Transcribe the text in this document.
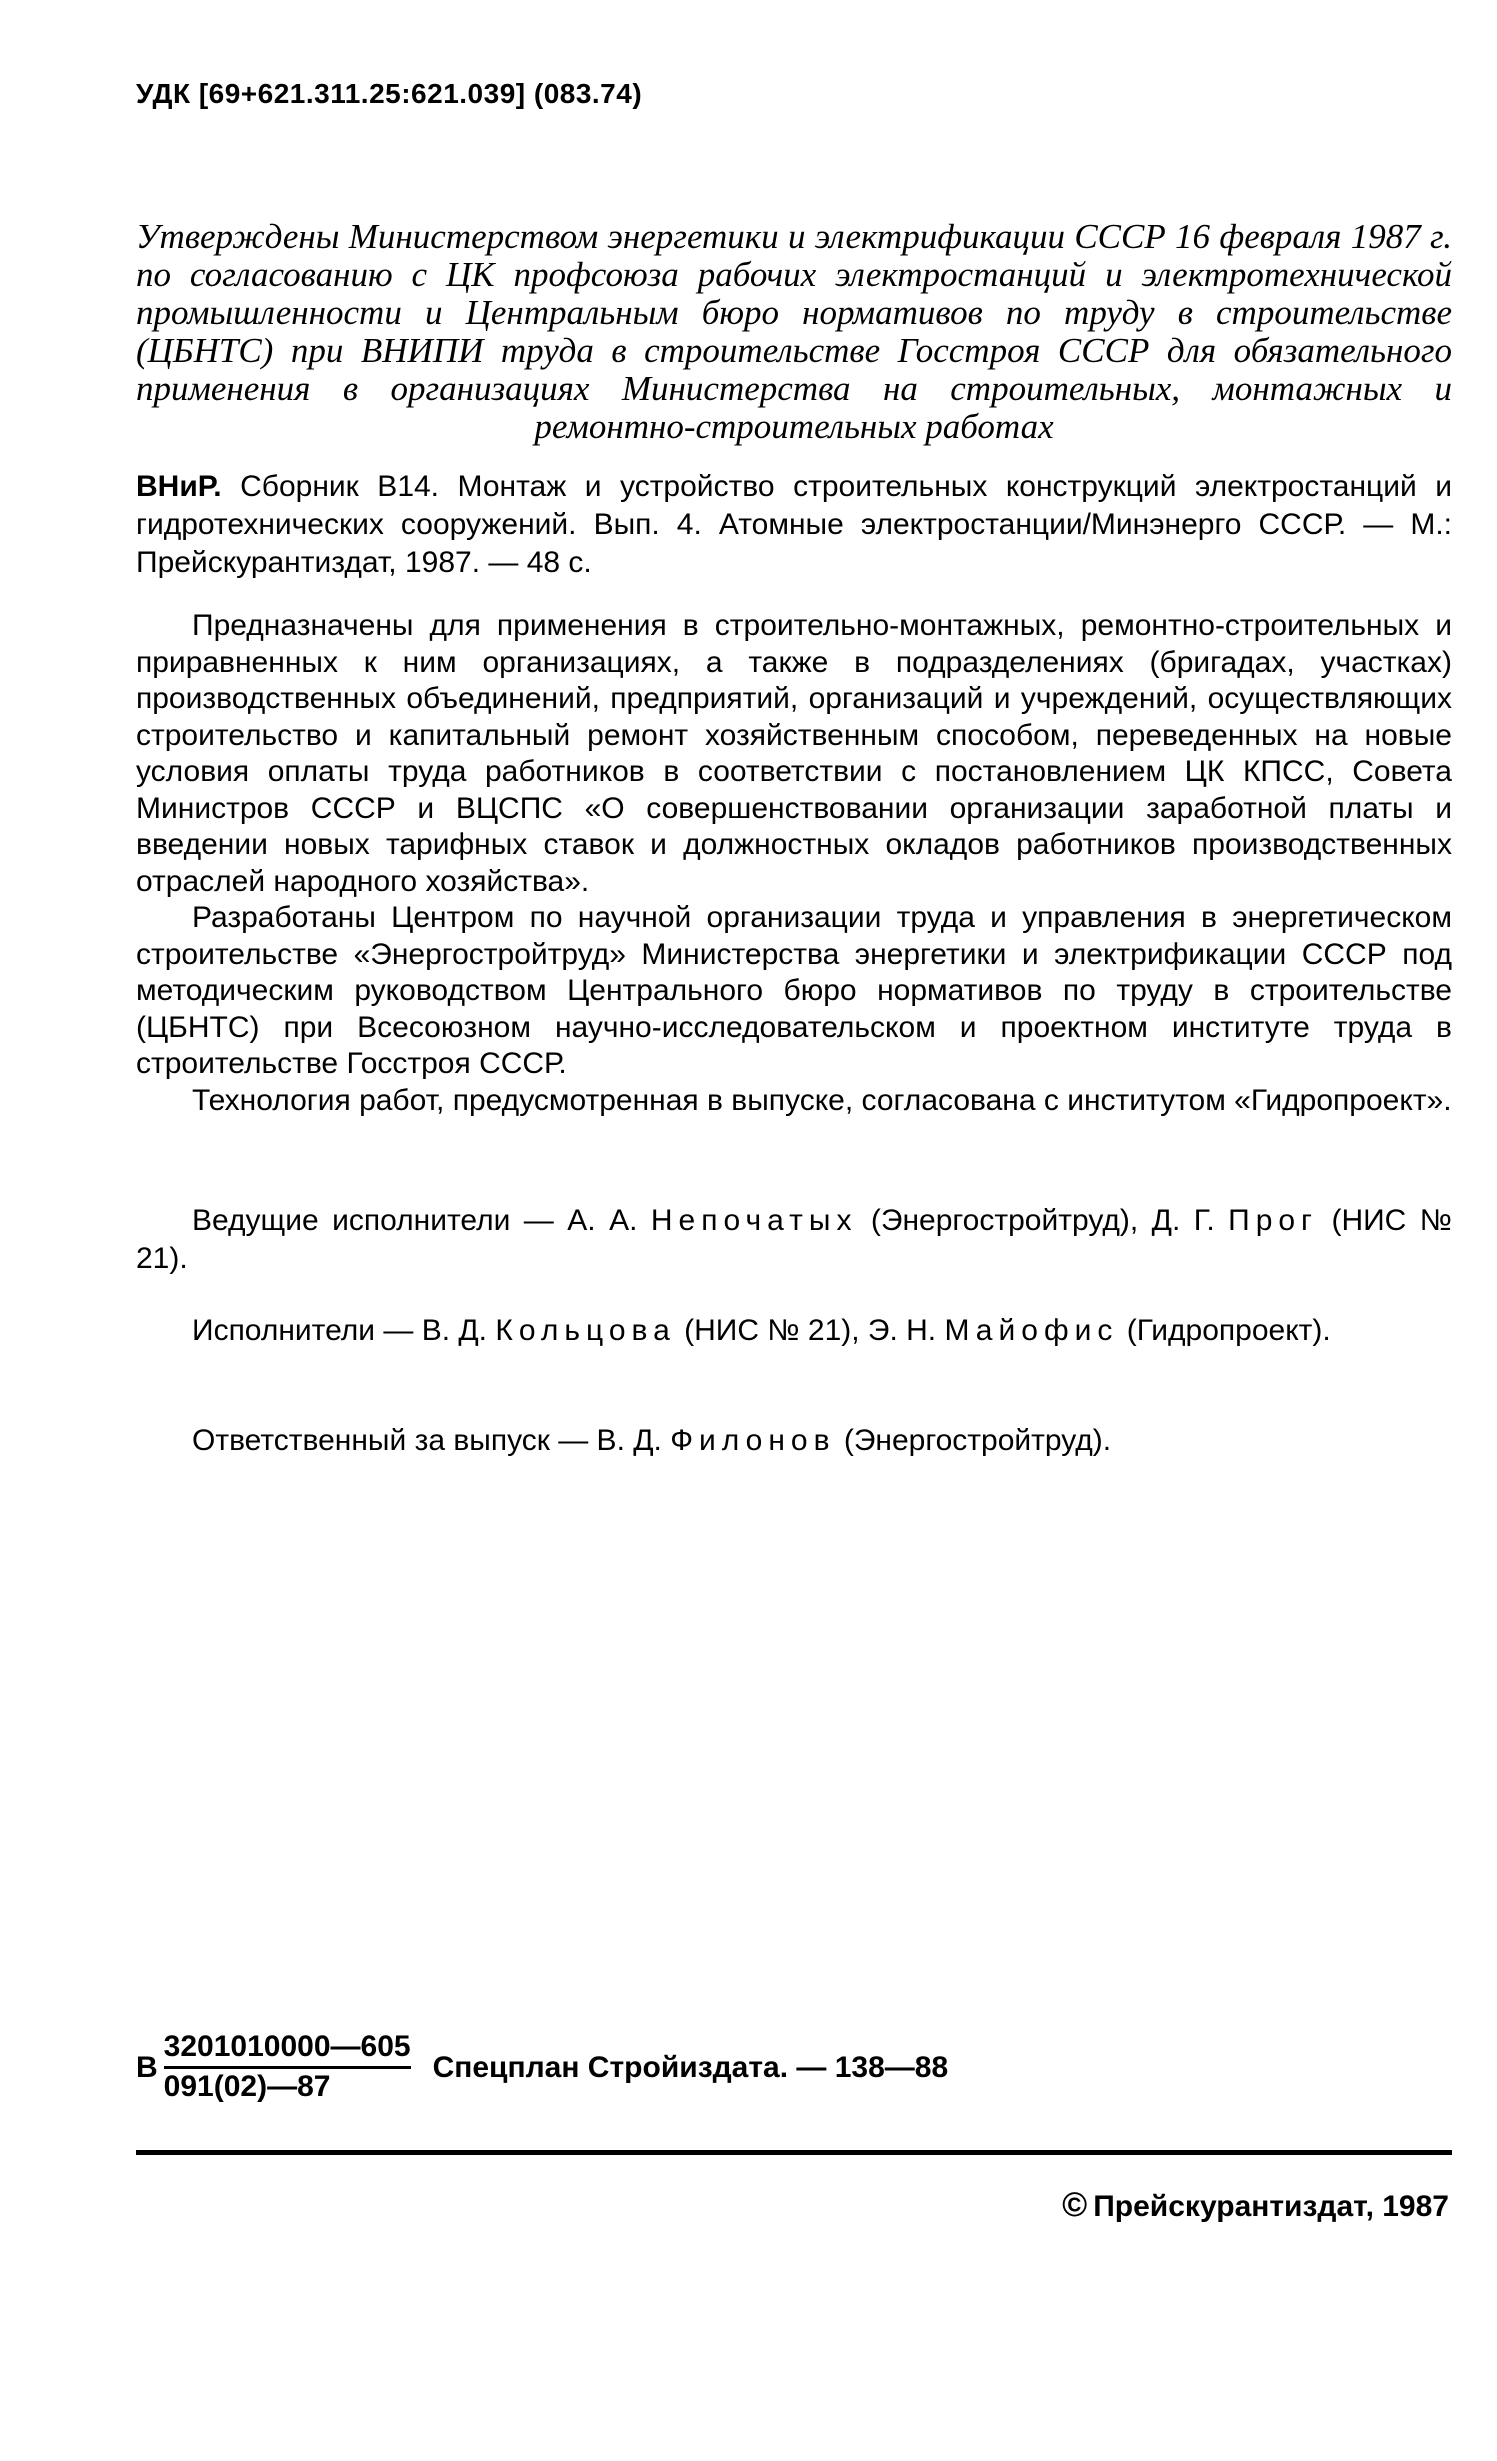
УДК [69+621.311.25:621.039] (083.74)
Утверждены Министерством энергетики и электрификации СССР 16 февраля 1987 г. по согласованию с ЦК профсоюза рабочих электростанций и электротехнической промышленности и Центральным бюро нормативов по труду в строительстве (ЦБНТС) при ВНИПИ труда в строительстве Госстроя СССР для обязательного применения в организациях Министерства на строительных, монтажных и ремонтно-строительных работах
ВНиР. Сборник В14. Монтаж и устройство строительных конструкций электростанций и гидротехнических сооружений. Вып. 4. Атомные электростанции/Минэнерго СССР. — М.: Прейскурантиздат, 1987. — 48 с.

Предназначены для применения в строительно-монтажных, ремонтно-строительных и приравненных к ним организациях, а также в подразделениях (бригадах, участках) производственных объединений, предприятий, организаций и учреждений, осуществляющих строительство и капитальный ремонт хозяйственным способом, переведенных на новые условия оплаты труда работников в соответствии с постановлением ЦК КПСС, Совета Министров СССР и ВЦСПС «О совершенствовании организации заработной платы и введении новых тарифных ставок и должностных окладов работников производственных отраслей народного хозяйства».

Разработаны Центром по научной организации труда и управления в энергетическом строительстве «Энергострoйтруд» Министерства энергетики и электрификации СССР под методическим руководством Центрального бюро нормативов по труду в строительстве (ЦБНТС) при Всесоюзном научно-исследовательском и проектном институте труда в строительстве Госстроя СССР.

Технология работ, предусмотренная в выпуске, согласована с институтом «Гидропроект».

Ведущие исполнители — А. А. Непочатых (Энергострoйтруд), Д. Г. Прог (НИС № 21).

Исполнители — В. Д. Кольцова (НИС № 21), Э. Н. Майофис (Гидропроект).

Ответственный за выпуск — В. Д. Филонов (Энергострoйтруд).

В $\frac{3201010000—605}{091(02)—87}$ Спецплан Стройиздата. — 138—88
© Прейскурантиздат, 1987
